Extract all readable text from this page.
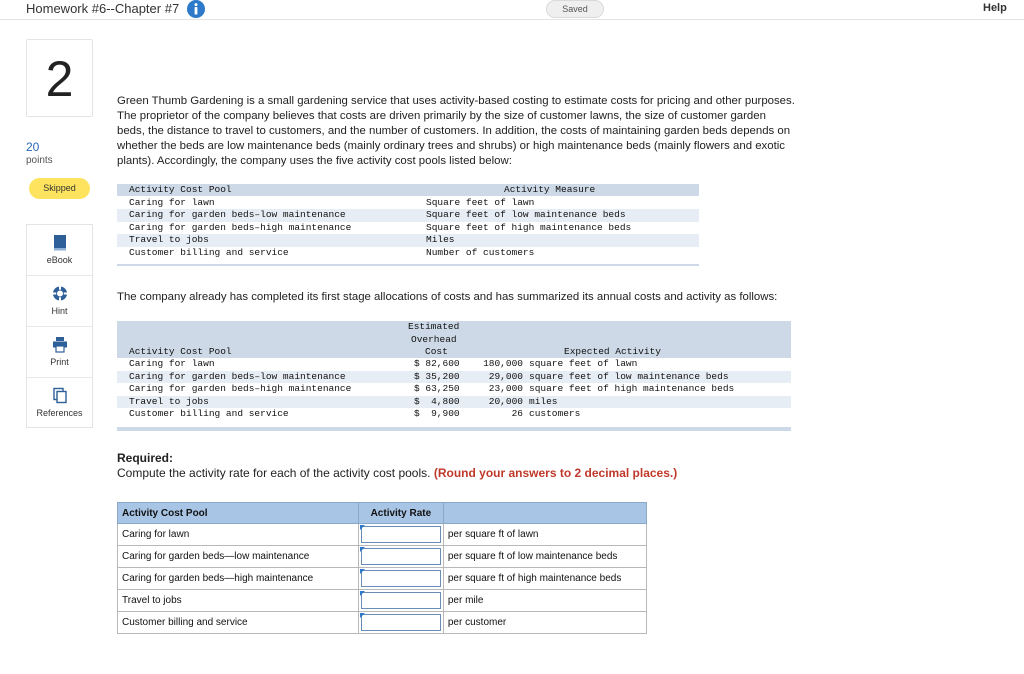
Homework #6--Chapter #7	Saved	Help
2
20
points
Skipped
eBook
Hint
Print
References
Green Thumb Gardening is a small gardening service that uses activity-based costing to estimate costs for pricing and other purposes.
The proprietor of the company believes that costs are driven primarily by the size of customer lawns, the size of customer garden
beds, the distance to travel to customers, and the number of customers. In addition, the costs of maintaining garden beds depends on
whether the beds are low maintenance beds (mainly ordinary trees and shrubs) or high maintenance beds (mainly flowers and exotic
plants). Accordingly, the company uses the five activity cost pools listed below:
Activity Cost Pool	Activity Measure
Caring for lawn	Square feet of lawn
Caring for garden beds–low maintenance	Square feet of low maintenance beds
Caring for garden beds–high maintenance	Square feet of high maintenance beds
Travel to jobs	Miles
Customer billing and service	Number of customers
The company already has completed its first stage allocations of costs and has summarized its annual costs and activity as follows:
Estimated
Overhead
Cost
Activity Cost Pool	Expected Activity
Caring for lawn	$ 82,600	180,000 square feet of lawn
Caring for garden beds–low maintenance	$ 35,200	29,000 square feet of low maintenance beds
Caring for garden beds–high maintenance	$ 63,250	23,000 square feet of high maintenance beds
Travel to jobs	$  4,800	20,000 miles
Customer billing and service	$  9,900	26 customers
Required:
Compute the activity rate for each of the activity cost pools. (Round your answers to 2 decimal places.)
Activity Cost Pool	Activity Rate	
Caring for lawn		per square ft of lawn
Caring for garden beds—low maintenance		per square ft of low maintenance beds
Caring for garden beds—high maintenance		per square ft of high maintenance beds
Travel to jobs		per mile
Customer billing and service		per customer
